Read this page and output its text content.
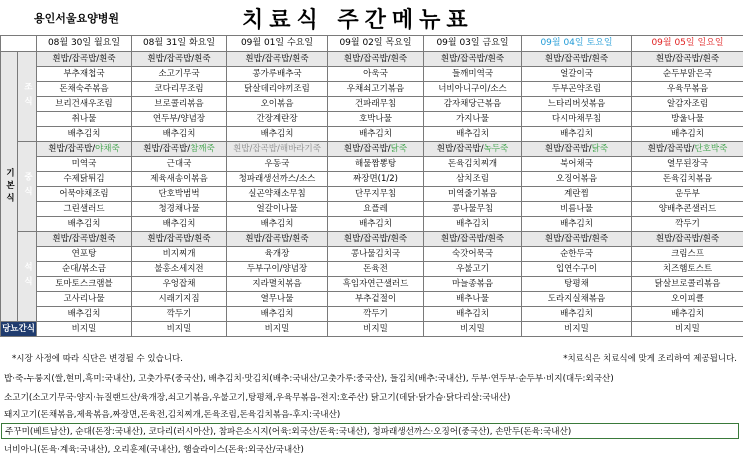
용인서울요양병원	치료식 주간메뉴표
		08월 30일 월요일	08월 31일 화요일	09월 01일 수요일	09월 02일 목요일	09월 03일 금요일	09월 04일 토요일	09월 05일 일요일
기본식	조식	흰밥/잡곡밥/흰죽	흰밥/잡곡밥/흰죽	흰밥/잡곡밥/흰죽	흰밥/잡곡밥/흰죽	흰밥/잡곡밥/흰죽	흰밥/잡곡밥/흰죽	흰밥/잡곡밥/흰죽
		부추재첩국	소고기무국	콩가루배추국	아욱국	들깨미역국	얼갈이국	순두부맑은국
		돈채숙주볶음	코다리무조림	닭살데리야끼조림	우채쇠고기볶음	너비아니구이/소스	두부곤약조림	우육무볶음
		브리건새우조림	브로콜리볶음	오이볶음	건파래무침	감자채당근볶음	느타리버섯볶음	알감자조림
		취나물	연두부/양념장	간장계란장	호박나물	가지나물	다시마채무침	방울나물
		배추김치	배추김치	배추김치	배추김치	배추김치	배추김치	배추김치
	중식	흰밥/잡곡밥/야채죽	흰밥/잡곡밥/참깨죽	흰밥/잡곡밥/해바라기죽	흰밥/잡곡밥/닭죽	흰밥/잡곡밥/녹두죽	흰밥/잡곡밥/닭죽	흰밥/잡곡밥/단호박죽
		미역국	근대국	우동국	해물짬뽕탕	돈육김치찌개	북어채국	열무된장국
		수제닭튀김	제육새송이볶음	청파래생선까스/소스	짜장면(1/2)	삼치조림	오징어볶음	돈육김치볶음
		어묵야채조림	단호박범벅	실곤약채소무침	단무지무침	미역줄기볶음	계란찜	운두부
		그린샐러드	청경채나물	얼갈이나물	요플레	콩나물무침	비름나물	양배추콘샐러드
		배추김치	배추김치	배추김치	배추김치	배추김치	배추김치	깍두기
	석식	흰밥/잡곡밥/흰죽	흰밥/잡곡밥/흰죽	흰밥/잡곡밥/흰죽	흰밥/잡곡밥/흰죽	흰밥/잡곡밥/흰죽	흰밥/잡곡밥/흰죽	흰밥/잡곡밥/흰죽
		연포탕	비지찌개	육개장	콩나물김치국	숙갓어묵국	순한두국	크림스프
		순대/볶소금	불홍소세지전	두부구이/양념장	돈육전	우불고기	입연수구이	치즈햄토스트
		토마토스크램블	우엉잡채	지라멸치볶음	흑임자연근샐러드	마늘종볶음	탕평채	닭살브로콜리볶음
		고사리나물	시래기지짐	열무나물	부추겉절이	배추나물	도라지실채볶음	오이피클
		배추김치	깍두기	배추김치	깍두기	배추김치	배추김치	배추김치
당뇨간식		비지밀	비지밀	비지밀	비지밀	비지밀	비지밀	비지밀
*시장 사정에 따라 식단은 변경될 수 있습니다.	*치료식은 치료식에 맞게 조리하여 제공됩니다.
밥·죽-누룽지(쌀,현미,흑미:국내산), 고춧가루(중국산), 배추김치·맛김치(배추:국내산/고춧가루:중국산), 들김치(배추:국내산), 두부·연두부·순두부·비지(대두:외국산)
소고기(소고기무국·양지·뉴질랜드산/육개장,쇠고기볶음,우불고기,탕평채,우육무볶음-전지:호주산) 닭고기(데닭·닭가슴·닭다리살:국내산)
돼지고기(돈채볶음,제육볶음,짜장면,돈육전,김치찌개,돈육조림,돈육김치볶음-후지:국내산)
주꾸미(베트남산), 순대(돈장:국내산), 코다리(러시아산), 참파은소시지(어육:외국산/돈육:국내산), 청파래생선까스·오징어(중국산), 손만두(돈육:국내산)
너비아니(돈육·계육:국내산), 오리훈제(국내산), 햄슬라이스(돈육:외국산/국내산)
